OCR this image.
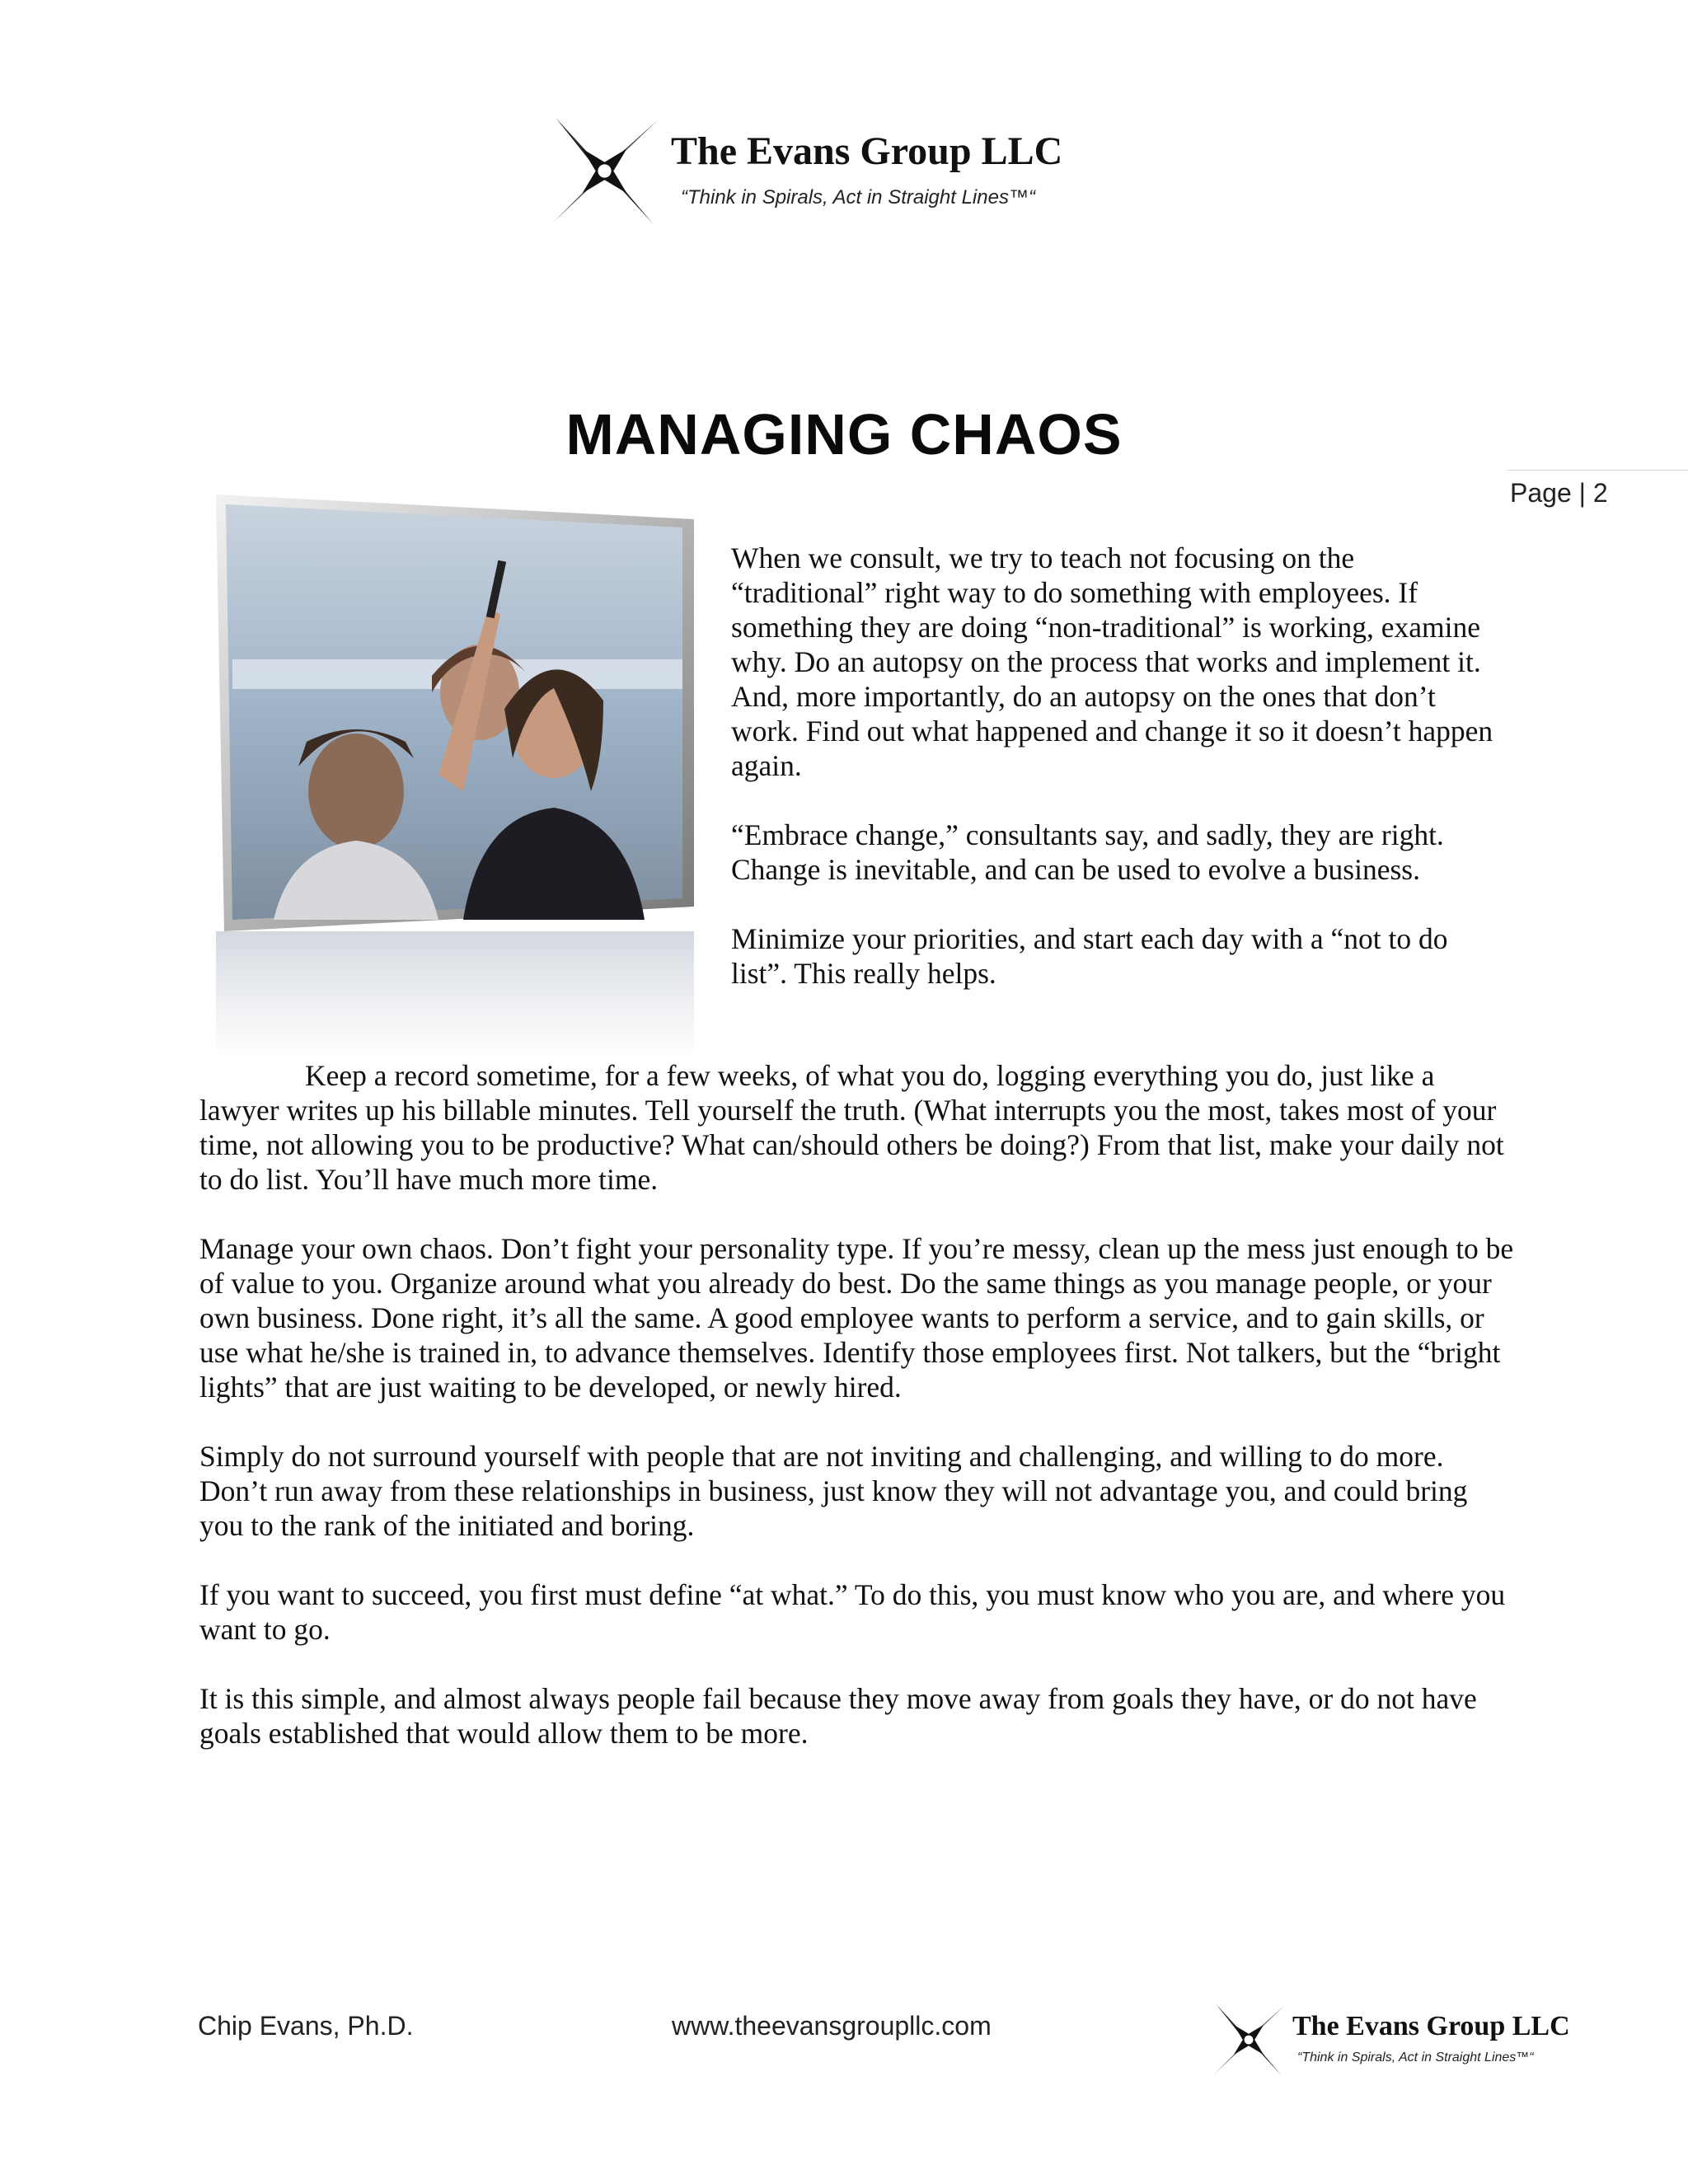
The Evans Group LLC
“Think in Spirals, Act in Straight Lines™“
MANAGING CHAOS
Page | 2

When we consult, we try to teach not focusing on the “traditional” right way to do something with employees. If something they are doing “non-traditional” is working, examine why. Do an autopsy on the process that works and implement it. And, more importantly, do an autopsy on the ones that don’t work. Find out what happened and change it so it doesn’t happen again.

“Embrace change,” consultants say, and sadly, they are right. Change is inevitable, and can be used to evolve a business.

Minimize your priorities, and start each day with a “not to do list”. This really helps.

Keep a record sometime, for a few weeks, of what you do, logging everything you do, just like a lawyer writes up his billable minutes. Tell yourself the truth. (What interrupts you the most, takes most of your time, not allowing you to be productive? What can/should others be doing?) From that list, make your daily not to do list. You’ll have much more time.

Manage your own chaos. Don’t fight your personality type. If you’re messy, clean up the mess just enough to be of value to you. Organize around what you already do best. Do the same things as you manage people, or your own business. Done right, it’s all the same. A good employee wants to perform a service, and to gain skills, or use what he/she is trained in, to advance themselves. Identify those employees first. Not talkers, but the “bright lights” that are just waiting to be developed, or newly hired.

Simply do not surround yourself with people that are not inviting and challenging, and willing to do more. Don’t run away from these relationships in business, just know they will not advantage you, and could bring you to the rank of the initiated and boring.

If you want to succeed, you first must define “at what.” To do this, you must know who you are, and where you want to go.

It is this simple, and almost always people fail because they move away from goals they have, or do not have goals established that would allow them to be more.

Chip Evans, Ph.D.	www.theevansgroupllc.com	The Evans Group LLC
“Think in Spirals, Act in Straight Lines™“
